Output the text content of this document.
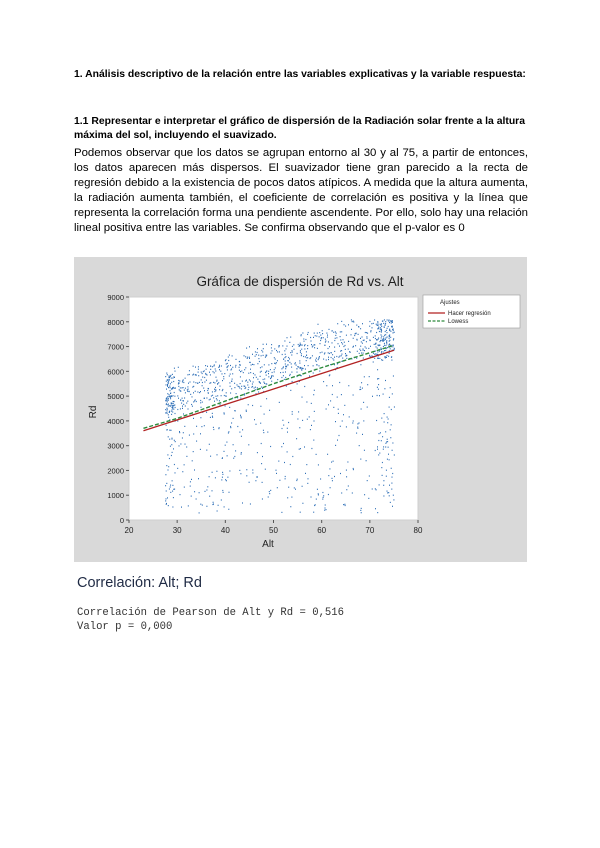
1. Análisis descriptivo de la relación entre las variables explicativas y la variable respuesta:
1.1 Representar e interpretar el gráfico de dispersión de la Radiación solar frente a la altura máxima del sol, incluyendo el suavizado.
Podemos observar que los datos se agrupan entorno al 30 y al 75, a partir de entonces, los datos aparecen más dispersos. El suavizador tiene gran parecido a la recta de regresión debido a la existencia de pocos datos atípicos. A medida que la altura aumenta, la radiación aumenta también, el coeficiente de correlación es positiva y la línea que representa la correlación forma una pendiente ascendente. Por ello, solo hay una relación lineal positiva entre las variables. Se confirma observando que el p-valor es 0
Gráfica de dispersión de Rd vs. Alt
20	30	40	50	60	70	80
0
1000
2000
3000
4000
5000
6000
7000
8000
9000
Alt
Rd
Ajustes
Hacer regresión
Lowess
Correlación: Alt; Rd
Correlación de Pearson de Alt y Rd = 0,516
Valor p = 0,000
